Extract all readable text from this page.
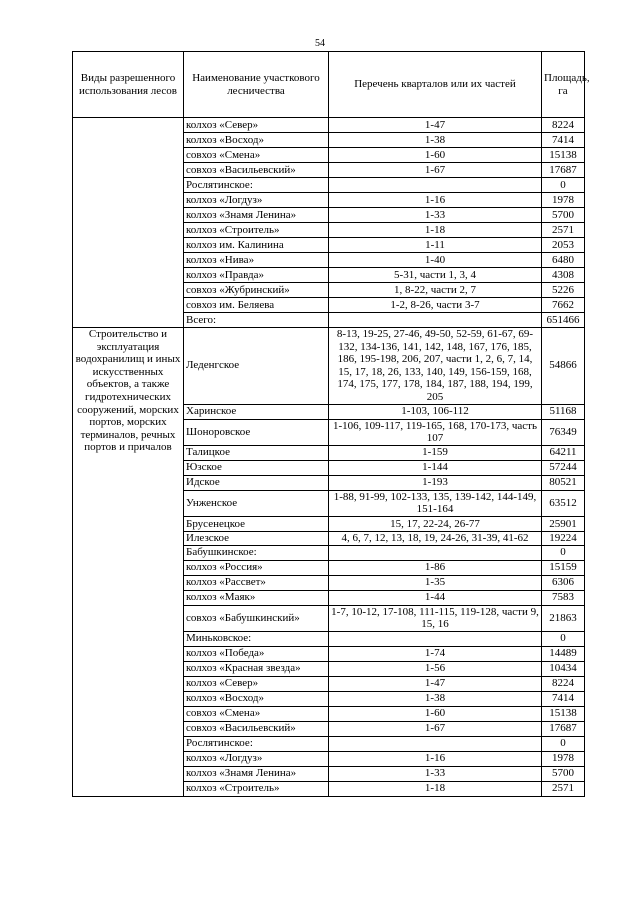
54
Виды разрешенного использования лесов	Наименование участкового лесничества	Перечень кварталов или их частей	Площадь, га
	колхоз «Север»	1-47	8224
	колхоз «Восход»	1-38	7414
	совхоз «Смена»	1-60	15138
	совхоз «Васильевский»	1-67	17687
	Рослятинское:		0
	колхоз «Логдуз»	1-16	1978
	колхоз «Знамя Ленина»	1-33	5700
	колхоз «Строитель»	1-18	2571
	колхоз им. Калинина	1-11	2053
	колхоз «Нива»	1-40	6480
	колхоз «Правда»	5-31, части 1, 3, 4	4308
	совхоз «Жубринский»	1, 8-22, части 2, 7	5226
	совхоз им. Беляева	1-2, 8-26, части 3-7	7662
	Всего:		651466
Строительство и эксплуатация водохранилищ и иных искусственных объектов, а также гидротехнических сооружений, морских портов, морских терминалов, речных портов и причалов	Леденгское	8-13, 19-25, 27-46, 49-50, 52-59, 61-67, 69-132, 134-136, 141, 142, 148, 167, 176, 185, 186, 195-198, 206, 207, части 1, 2, 6, 7, 14, 15, 17, 18, 26, 133, 140, 149, 156-159, 168, 174, 175, 177, 178, 184, 187, 188, 194, 199, 205	54866
	Харинское	1-103, 106-112	51168
	Шоноровское	1-106, 109-117, 119-165, 168, 170-173, часть 107	76349
	Талицкое	1-159	64211
	Юзское	1-144	57244
	Идское	1-193	80521
	Унженское	1-88, 91-99, 102-133, 135, 139-142, 144-149, 151-164	63512
	Брусенецкое	15, 17, 22-24, 26-77	25901
	Илезское	4, 6, 7, 12, 13, 18, 19, 24-26, 31-39, 41-62	19224
	Бабушкинское:		0
	колхоз «Россия»	1-86	15159
	колхоз «Рассвет»	1-35	6306
	колхоз «Маяк»	1-44	7583
	совхоз «Бабушкинский»	1-7, 10-12, 17-108, 111-115, 119-128, части 9, 15, 16	21863
	Миньковское:		0
	колхоз «Победа»	1-74	14489
	колхоз «Красная звезда»	1-56	10434
	колхоз «Север»	1-47	8224
	колхоз «Восход»	1-38	7414
	совхоз «Смена»	1-60	15138
	совхоз «Васильевский»	1-67	17687
	Рослятинское:		0
	колхоз «Логдуз»	1-16	1978
	колхоз «Знамя Ленина»	1-33	5700
	колхоз «Строитель»	1-18	2571
